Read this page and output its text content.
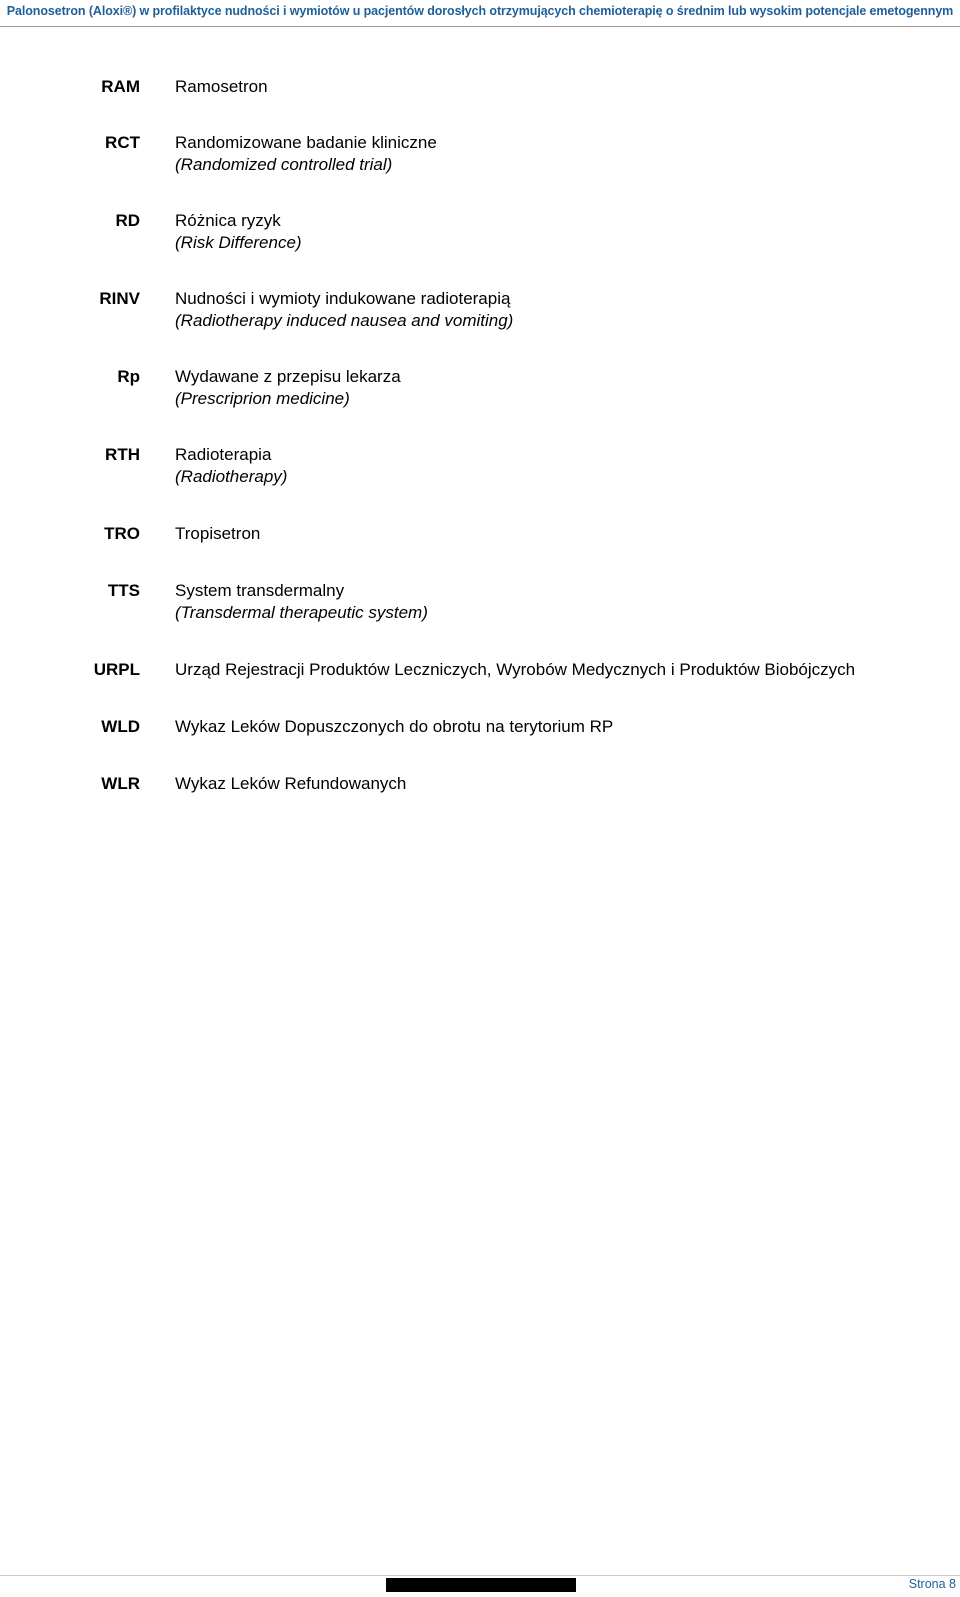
Palonosetron (Aloxi®) w profilaktyce nudności i wymiotów u pacjentów dorosłych otrzymujących chemioterapię o średnim lub wysokim potencjale emetogennym
RAM Ramosetron
RCT Randomizowane badanie kliniczne
(Randomized controlled trial)
RD Różnica ryzyk
(Risk Difference)
RINV Nudności i wymioty indukowane radioterapią
(Radiotherapy induced nausea and vomiting)
Rp Wydawane z przepisu lekarza
(Prescriprion medicine)
RTH Radioterapia
(Radiotherapy)
TRO Tropisetron
TTS System transdermalny
(Transdermal therapeutic system)
URPL Urząd Rejestracji Produktów Leczniczych, Wyrobów Medycznych i Produktów Biobójczych
WLD Wykaz Leków Dopuszczonych do obrotu na terytorium RP
WLR Wykaz Leków Refundowanych
Strona 8
